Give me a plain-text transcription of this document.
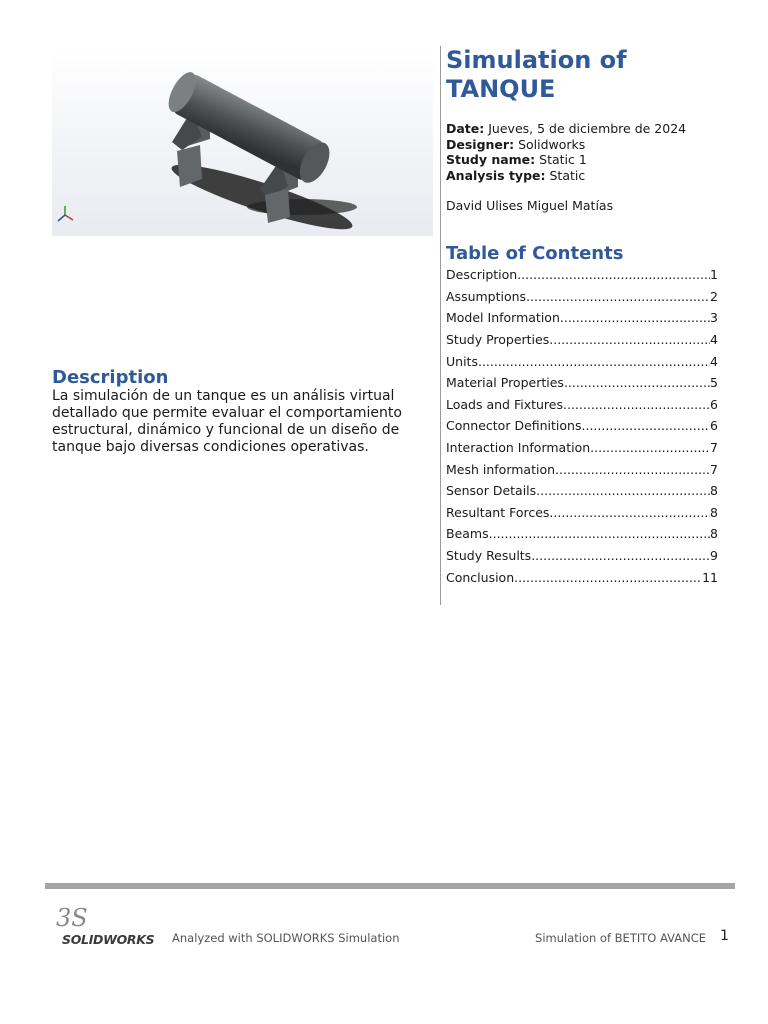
Simulation of
TANQUE
Date: Jueves, 5 de diciembre de 2024
Designer: Solidworks
Study name: Static 1
Analysis type: Static
David Ulises Miguel Matías
Table of Contents
Description .....	1
Assumptions .....	2
Model Information .....	3
Study Properties .....	4
Units .....	4
Material Properties .....	5
Loads and Fixtures .....	6
Connector Definitions .....	6
Interaction Information .....	7
Mesh information .....	7
Sensor Details .....	8
Resultant Forces .....	8
Beams .....	8
Study Results .....	9
Conclusion .....	11
Description
La simulación de un tanque es un análisis virtual detallado que permite evaluar el comportamiento estructural, dinámico y funcional de un diseño de tanque bajo diversas condiciones operativas.
3S
SOLIDWORKS Analyzed with SOLIDWORKS Simulation	Simulation of BETITO AVANCE 1
